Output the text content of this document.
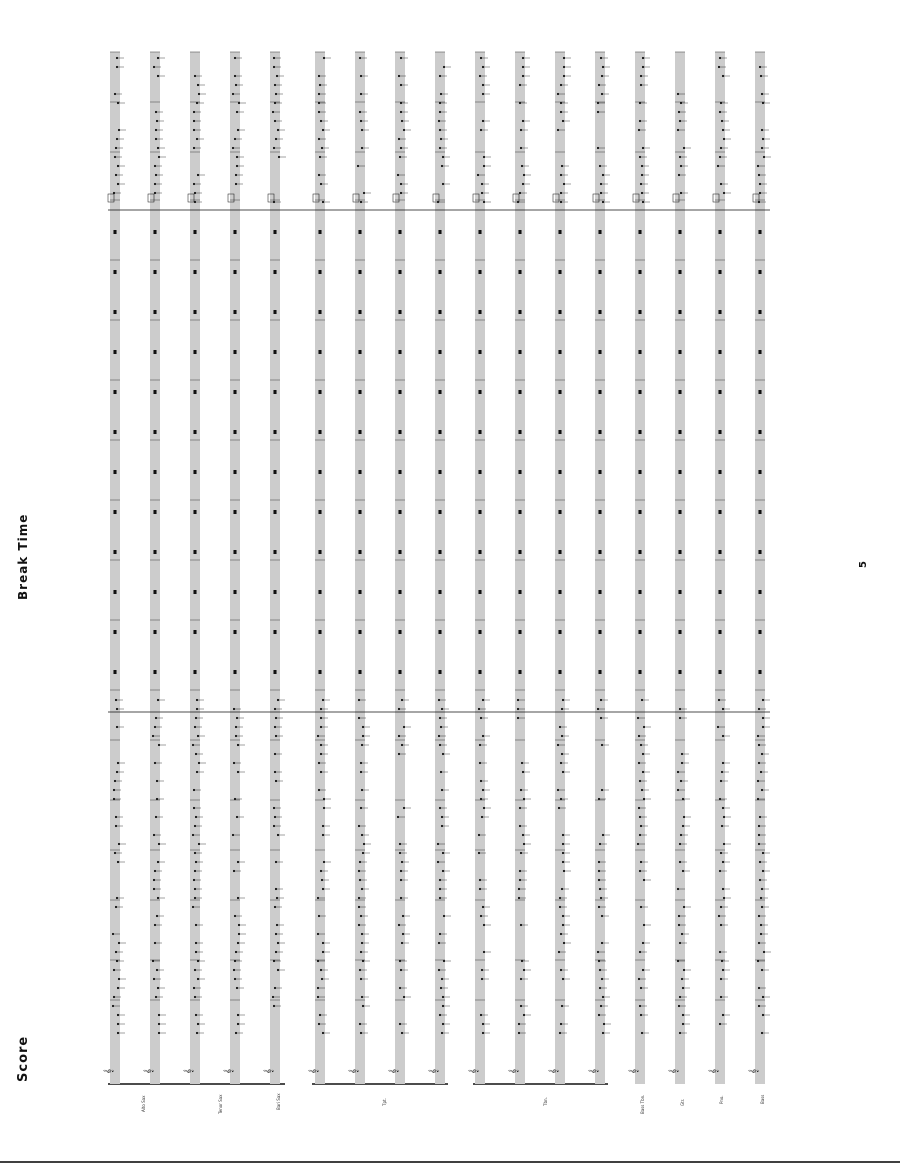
𝄞	𝄞	𝄞	𝄞	𝄞	𝄞	𝄞	𝄞	𝄞	𝄞	𝄞	𝄞	𝄞	𝄞	𝄞	𝄞	𝄞
Score
Break Time	5
Alto Sax	Tenor Sax	Bari Sax	Tpt.	Tbn.	Bass Tbn.	Gtr.	Pno.	Bass
